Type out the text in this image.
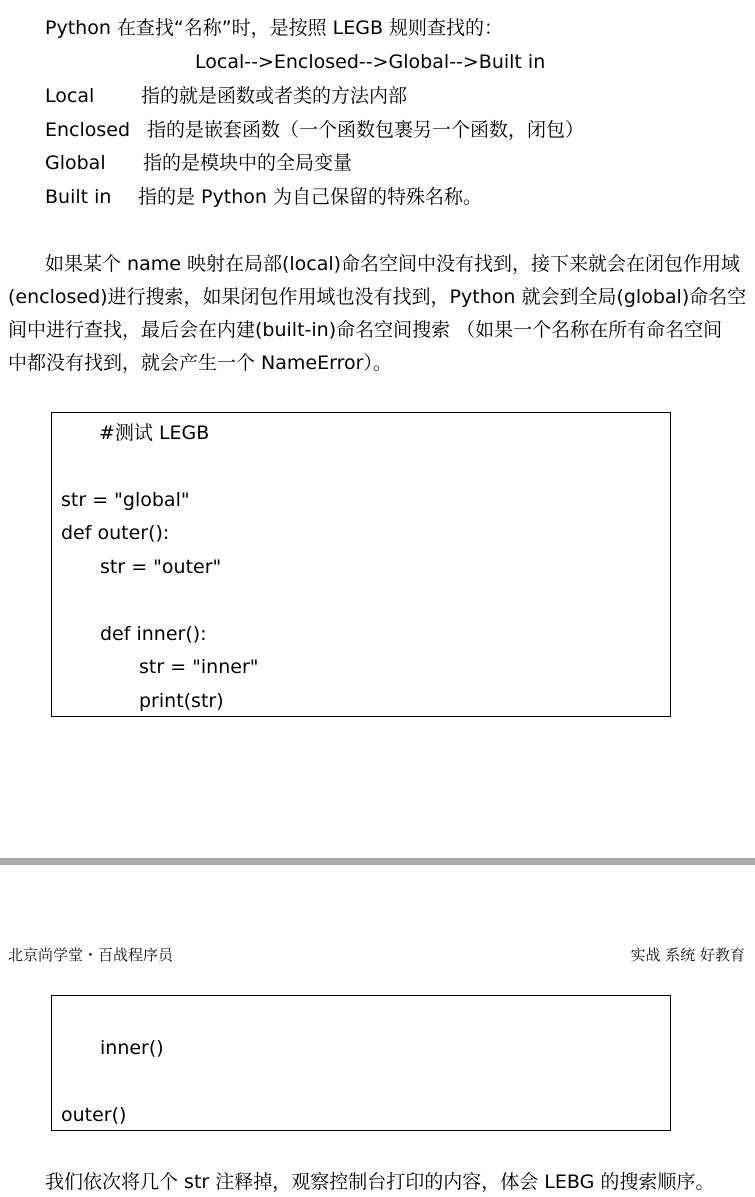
Python 在查找“名称”时，是按照 LEGB 规则查找的：
Local-->Enclosed-->Global-->Built in
Local 指的就是函数或者类的方法内部
Enclosed 指的是嵌套函数（一个函数包裹另一个函数，闭包）
Global 指的是模块中的全局变量
Built in 指的是 Python 为自己保留的特殊名称。
如果某个 name 映射在局部(local)命名空间中没有找到，接下来就会在闭包作用域
(enclosed)进行搜索，如果闭包作用域也没有找到，Python 就会到全局(global)命名空
间中进行查找，最后会在内建(built-in)命名空间搜索 （如果一个名称在所有命名空间
中都没有找到，就会产生一个 NameError）。
#测试 LEGB
str = "global"
def outer():
str = "outer"
def inner():
str = "inner"
print(str)
北京尚学堂・百战程序员	实战 系统 好教育
inner()
outer()
我们依次将几个 str 注释掉，观察控制台打印的内容，体会 LEBG 的搜索顺序。
